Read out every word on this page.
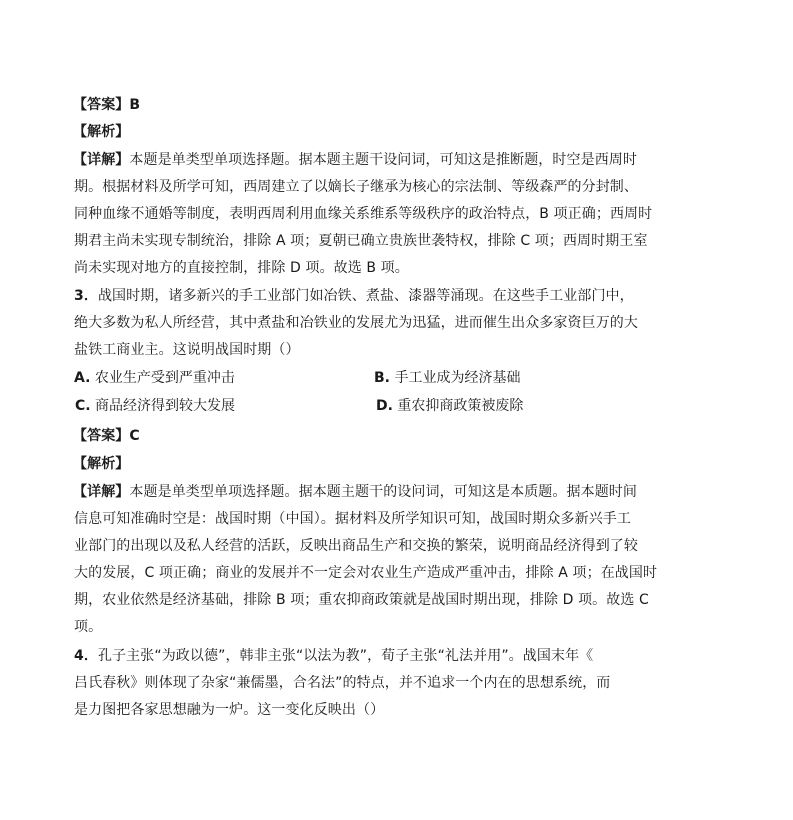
【答案】B
【解析】
【详解】本题是单类型单项选择题。据本题主题干设问词，可知这是推断题，时空是西周时
期。根据材料及所学可知，西周建立了以嫡长子继承为核心的宗法制、等级森严的分封制、
同种血缘不通婚等制度，表明西周利用血缘关系维系等级秩序的政治特点，B 项正确；西周时
期君主尚未实现专制统治，排除 A 项；夏朝已确立贵族世袭特权，排除 C 项；西周时期王室
尚未实现对地方的直接控制，排除 D 项。故选 B 项。
3．战国时期，诸多新兴的手工业部门如冶铁、煮盐、漆器等涌现。在这些手工业部门中，
绝大多数为私人所经营，其中煮盐和冶铁业的发展尤为迅猛，进而催生出众多家资巨万的大
盐铁工商业主。这说明战国时期（）
A. 农业生产受到严重冲击	B. 手工业成为经济基础
C. 商品经济得到较大发展	D. 重农抑商政策被废除
【答案】C
【解析】
【详解】本题是单类型单项选择题。据本题主题干的设问词，可知这是本质题。据本题时间
信息可知准确时空是：战国时期（中国）。据材料及所学知识可知，战国时期众多新兴手工
业部门的出现以及私人经营的活跃，反映出商品生产和交换的繁荣，说明商品经济得到了较
大的发展，C 项正确；商业的发展并不一定会对农业生产造成严重冲击，排除 A 项；在战国时
期，农业依然是经济基础，排除 B 项；重农抑商政策就是战国时期出现，排除 D 项。故选 C
项。
4．孔子主张“为政以德”，韩非主张“以法为教”，荀子主张“礼法并用”。战国末年《
吕氏春秋》则体现了杂家“兼儒墨，合名法”的特点，并不追求一个内在的思想系统，而
是力图把各家思想融为一炉。这一变化反映出（）
